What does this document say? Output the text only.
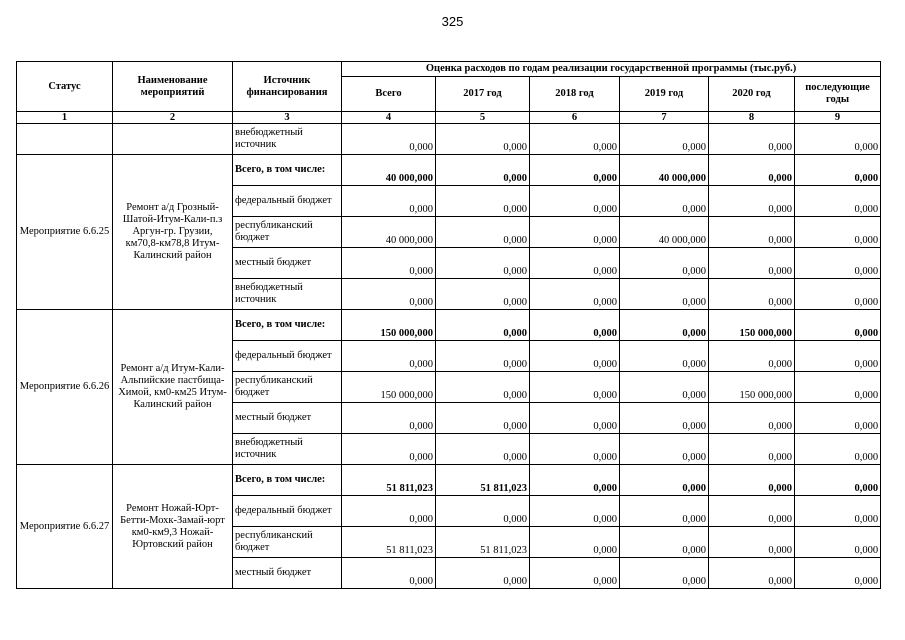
325
Статус	Наименование мероприятий	Источник финансирования	Оценка расходов по годам реализации государственной программы (тыс.руб.)					
			Всего	2017 год	2018 год	2019 год	2020 год	последующие годы
1	2	3	4	5	6	7	8	9
		внебюджетный источник	0,000	0,000	0,000	0,000	0,000	0,000
Мероприятие 6.6.25	Ремонт а/д Грозный-Шатой-Итум-Кали-п.з Аргун-гр. Грузии, км70,8-км78,8 Итум-Калинский район	Всего, в том числе:	40 000,000	0,000	0,000	40 000,000	0,000	0,000
		федеральный бюджет	0,000	0,000	0,000	0,000	0,000	0,000
		республиканский бюджет	40 000,000	0,000	0,000	40 000,000	0,000	0,000
		местный бюджет	0,000	0,000	0,000	0,000	0,000	0,000
		внебюджетный источник	0,000	0,000	0,000	0,000	0,000	0,000
Мероприятие 6.6.26	Ремонт а/д Итум-Кали-Альпийские пастбища-Химой, км0-км25 Итум-Калинский район	Всего, в том числе:	150 000,000	0,000	0,000	0,000	150 000,000	0,000
		федеральный бюджет	0,000	0,000	0,000	0,000	0,000	0,000
		республиканский бюджет	150 000,000	0,000	0,000	0,000	150 000,000	0,000
		местный бюджет	0,000	0,000	0,000	0,000	0,000	0,000
		внебюджетный источник	0,000	0,000	0,000	0,000	0,000	0,000
Мероприятие 6.6.27	Ремонт Ножай-Юрт-Бетти-Мохк-Замай-юрт км0-км9,3 Ножай-Юртовский район	Всего, в том числе:	51 811,023	51 811,023	0,000	0,000	0,000	0,000
		федеральный бюджет	0,000	0,000	0,000	0,000	0,000	0,000
		республиканский бюджет	51 811,023	51 811,023	0,000	0,000	0,000	0,000
		местный бюджет	0,000	0,000	0,000	0,000	0,000	0,000
